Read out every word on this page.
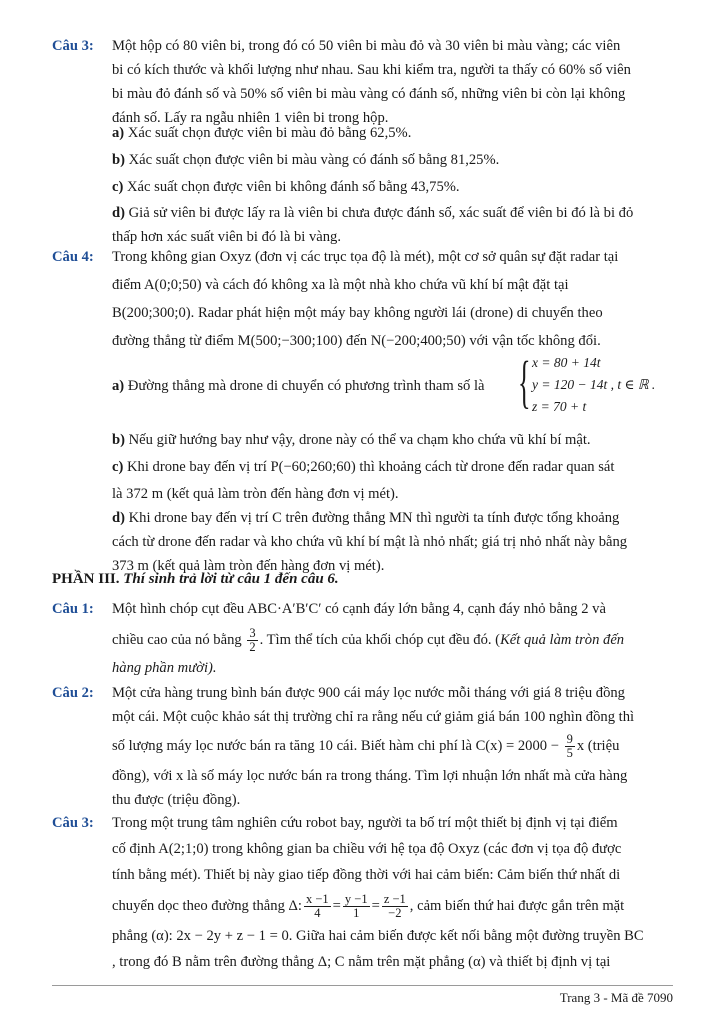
Câu 3: Một hộp có 80 viên bi, trong đó có 50 viên bi màu đỏ và 30 viên bi màu vàng; các viên
bi có kích thước và khối lượng như nhau. Sau khi kiểm tra, người ta thấy có 60% số viên
bi màu đỏ đánh số và 50% số viên bi màu vàng có đánh số, những viên bi còn lại không
đánh số. Lấy ra ngẫu nhiên 1 viên bi trong hộp.
a) Xác suất chọn được viên bi màu đỏ bằng 62,5%.
b) Xác suất chọn được viên bi màu vàng có đánh số bằng 81,25%.
c) Xác suất chọn được viên bi không đánh số bằng 43,75%.
d) Giả sử viên bi được lấy ra là viên bi chưa được đánh số, xác suất để viên bi đó là bi đỏ
thấp hơn xác suất viên bi đó là bi vàng.
Câu 4: Trong không gian Oxyz (đơn vị các trục tọa độ là mét), một cơ sở quân sự đặt radar tại
điểm A(0;0;50) và cách đó không xa là một nhà kho chứa vũ khí bí mật đặt tại
B(200;300;0). Radar phát hiện một máy bay không người lái (drone) di chuyển theo
đường thẳng từ điểm M(500;−300;100) đến N(−200;400;50) với vận tốc không đổi.
a) Đường thẳng mà drone di chuyển có phương trình tham số là { x = 80 + 14t
y = 120 − 14t , t ∈ ℝ .
z = 70 + t
b) Nếu giữ hướng bay như vậy, drone này có thể va chạm kho chứa vũ khí bí mật.
c) Khi drone bay đến vị trí P(−60;260;60) thì khoảng cách từ drone đến radar quan sát
là 372 m (kết quả làm tròn đến hàng đơn vị mét).
d) Khi drone bay đến vị trí C trên đường thẳng MN thì người ta tính được tổng khoảng
cách từ drone đến radar và kho chứa vũ khí bí mật là nhỏ nhất; giá trị nhỏ nhất này bằng
373 m (kết quả làm tròn đến hàng đơn vị mét).
PHẦN III. Thí sinh trả lời từ câu 1 đến câu 6.
Câu 1: Một hình chóp cụt đều ABC·A′B′C′ có cạnh đáy lớn bằng 4, cạnh đáy nhỏ bằng 2 và
chiều cao của nó bằng $\frac{3}{2}$ . Tìm thể tích của khối chóp cụt đều đó. (Kết quả làm tròn đến
hàng phần mười).
Câu 2: Một cửa hàng trung bình bán được 900 cái máy lọc nước mỗi tháng với giá 8 triệu đồng
một cái. Một cuộc khảo sát thị trường chỉ ra rằng nếu cứ giảm giá bán 100 nghìn đồng thì
số lượng máy lọc nước bán ra tăng 10 cái. Biết hàm chi phí là $C(x) = 2000 - \frac{9}{5}$ x (triệu
đồng), với x là số máy lọc nước bán ra trong tháng. Tìm lợi nhuận lớn nhất mà cửa hàng
thu được (triệu đồng).
Câu 3: Trong một trung tâm nghiên cứu robot bay, người ta bố trí một thiết bị định vị tại điểm
cố định A(2;1;0) trong không gian ba chiều với hệ tọa độ Oxyz (các đơn vị tọa độ được
tính bằng mét). Thiết bị này giao tiếp đồng thời với hai cảm biến: Cảm biến thứ nhất di
chuyển dọc theo đường thẳng Δ: $\frac{x -1}{4} = \frac{y -1}{1} = \frac{z -1}{-2}$ , cảm biến thứ hai được gắn trên mặt
phẳng (α): 2x − 2y + z − 1 = 0. Giữa hai cảm biến được kết nối bằng một đường truyền BC
, trong đó B nằm trên đường thẳng Δ; C nằm trên mặt phẳng (α) và thiết bị định vị tại
Trang 3 - Mã đề 7090
